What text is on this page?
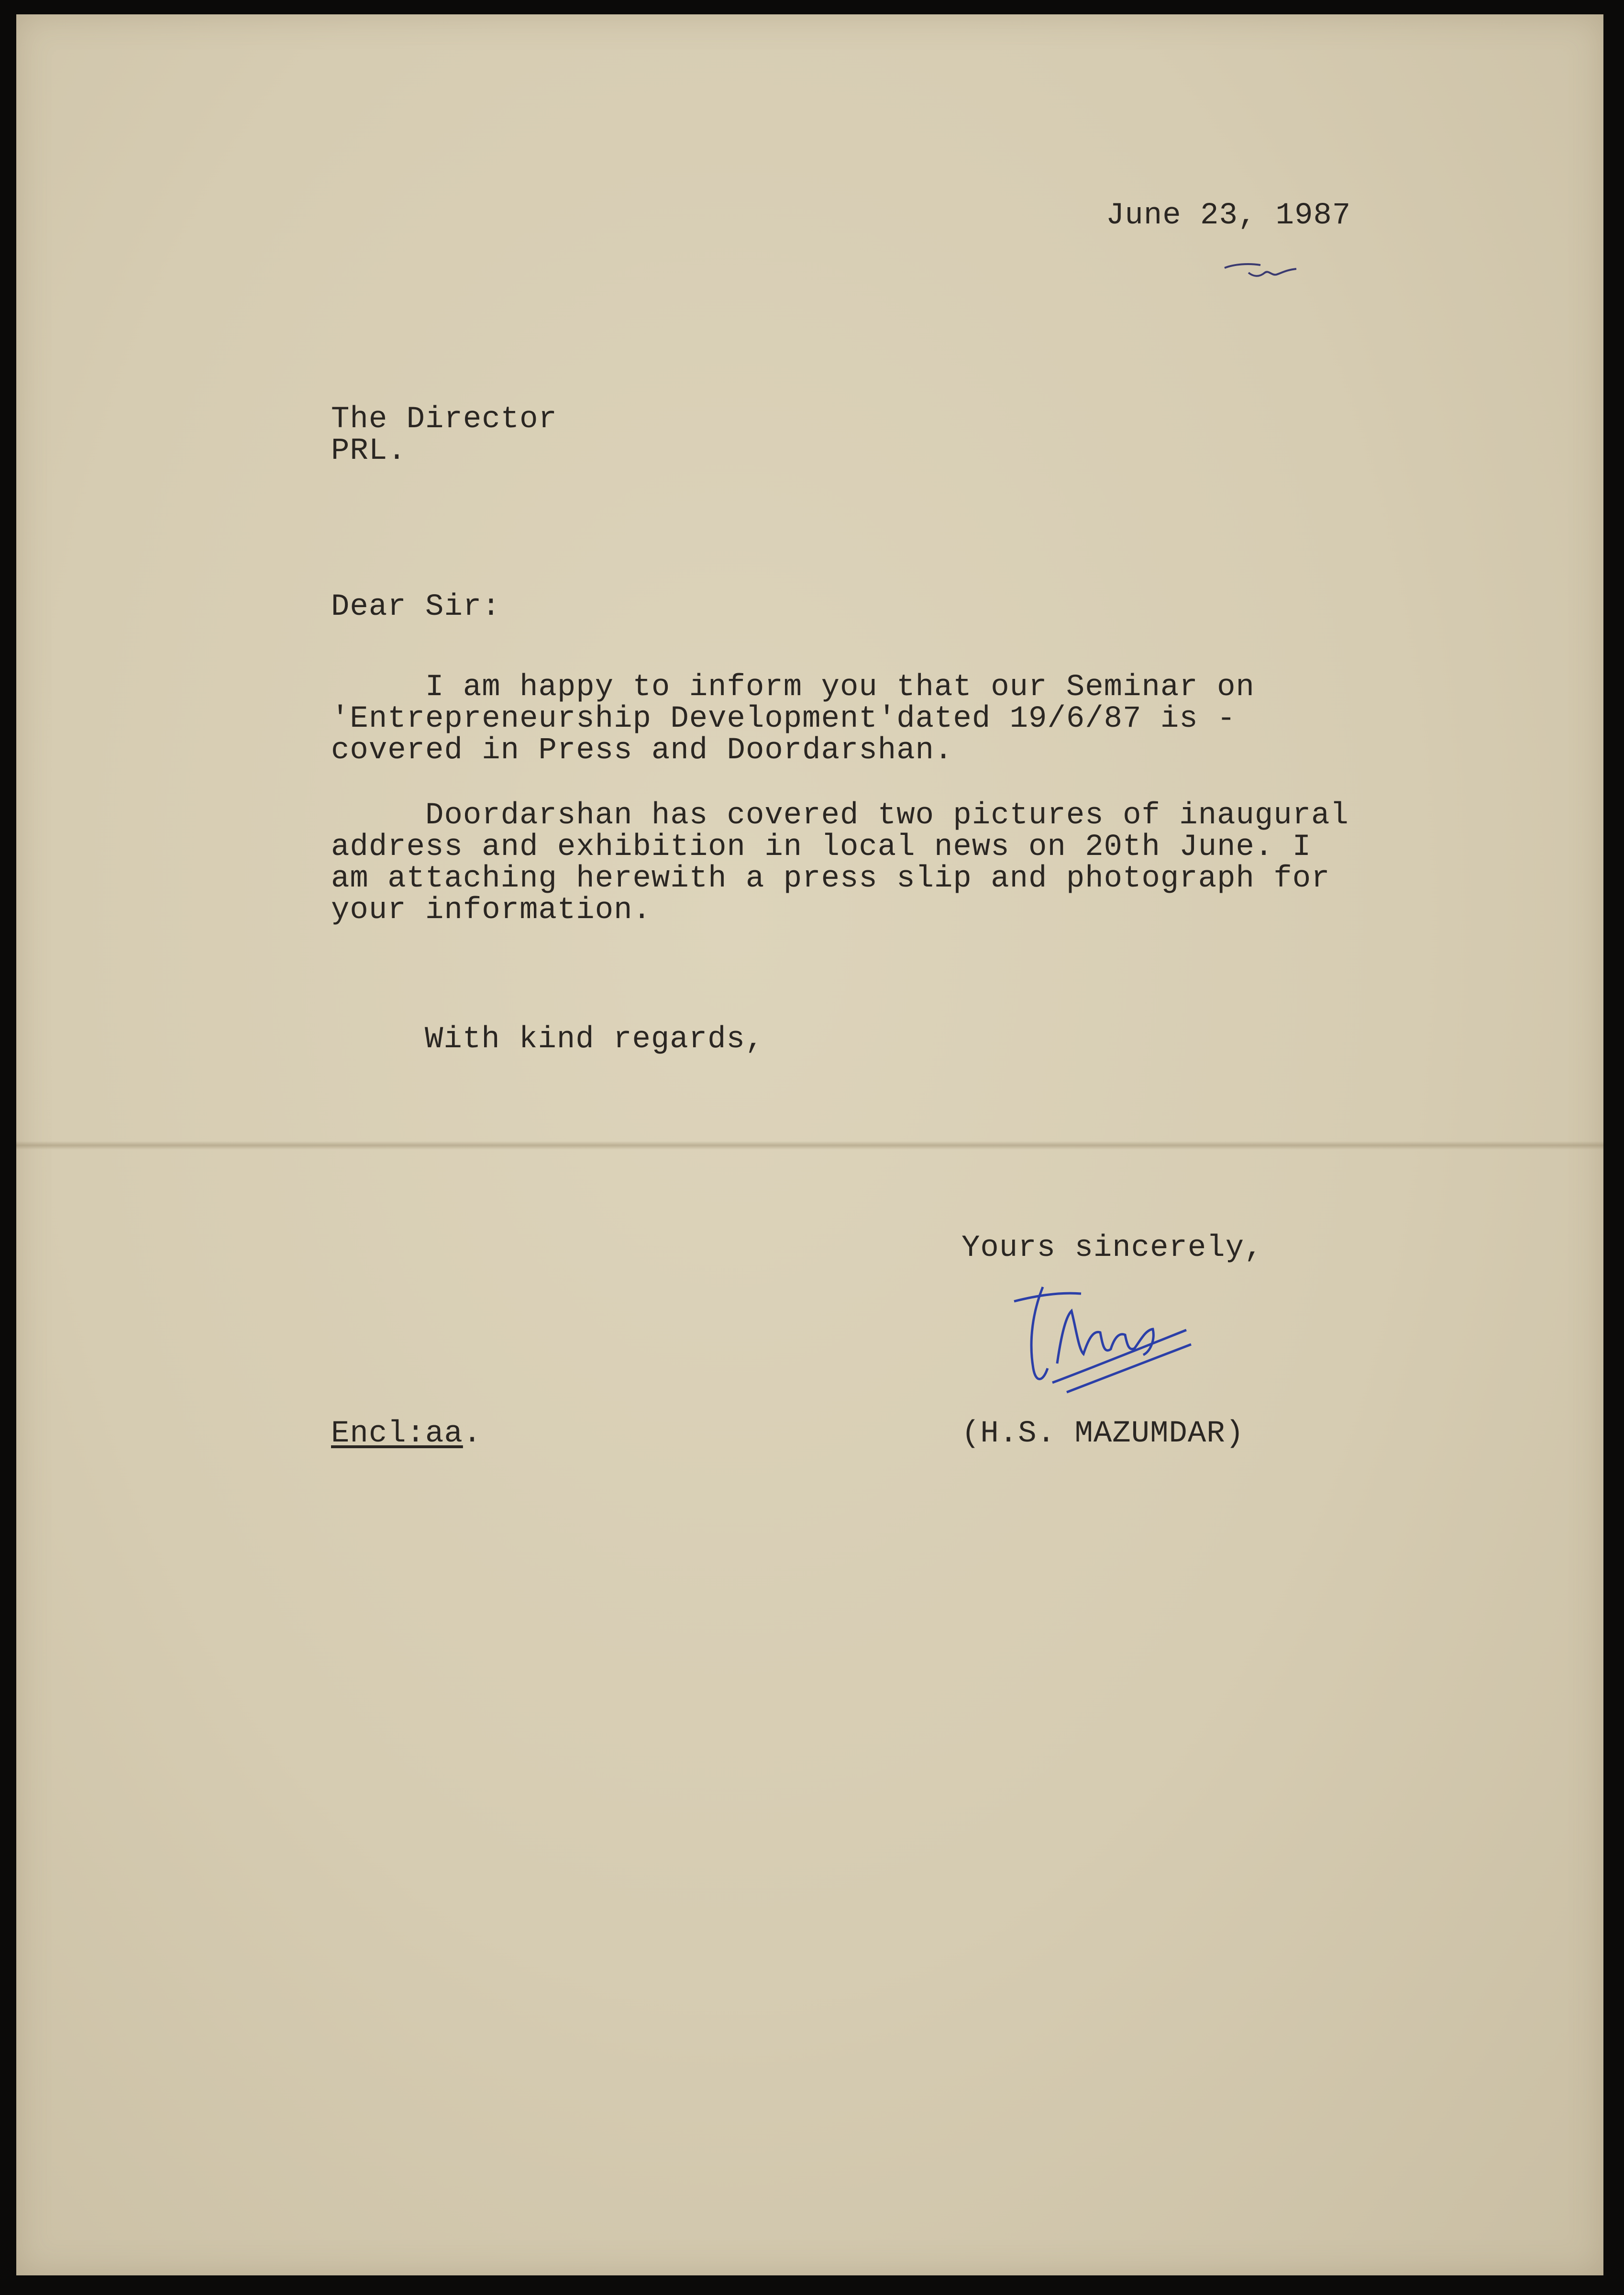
June 23, 1987
The Director
PRL.
Dear Sir:
I am happy to inform you that our Seminar on
'Entrepreneurship Development'dated 19/6/87 is -
covered in Press and Doordarshan.
Doordarshan has covered two pictures of inaugural
address and exhibition in local news on 20th June. I
am attaching herewith a press slip and photograph for
your information.
With kind regards,
Yours sincerely,
(H.S. MAZUMDAR)
Encl:aa.
